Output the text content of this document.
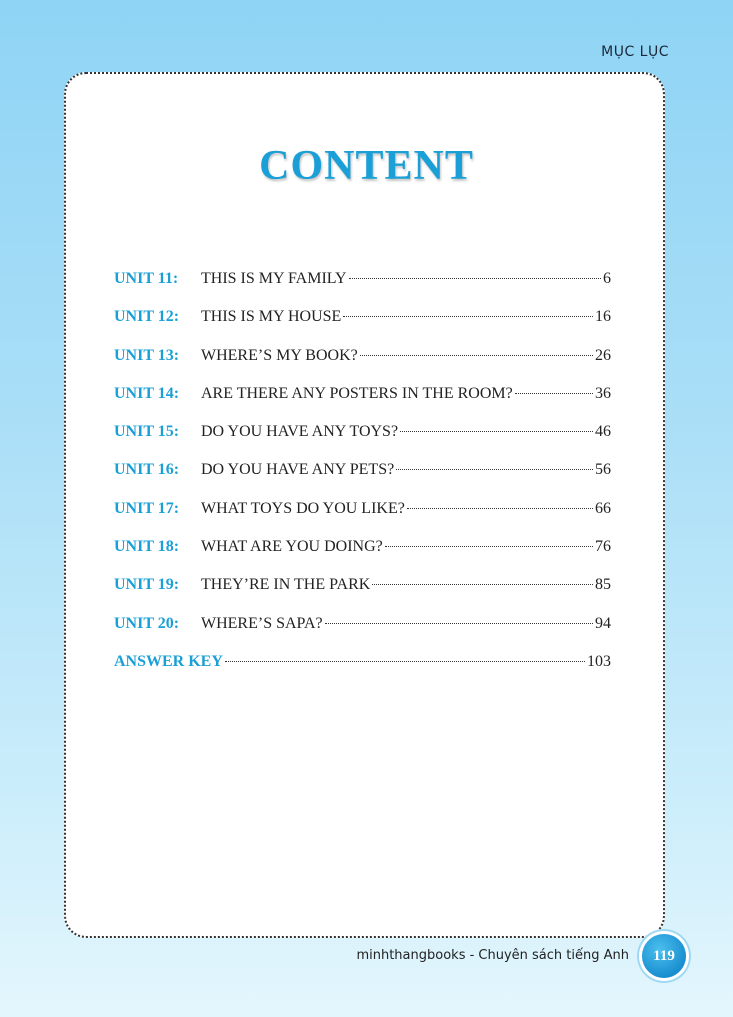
MỤC LỤC
CONTENT
UNIT 11:	THIS IS MY FAMILY	6
UNIT 12:	THIS IS MY HOUSE	16
UNIT 13:	WHERE’S MY BOOK?	26
UNIT 14:	ARE THERE ANY POSTERS IN THE ROOM?	36
UNIT 15:	DO YOU HAVE ANY TOYS?	46
UNIT 16:	DO YOU HAVE ANY PETS?	56
UNIT 17:	WHAT TOYS DO YOU LIKE?	66
UNIT 18:	WHAT ARE YOU DOING?	76
UNIT 19:	THEY’RE IN THE PARK	85
UNIT 20:	WHERE’S SAPA?	94
ANSWER KEY	103
minhthangbooks - Chuyên sách tiếng Anh	119
